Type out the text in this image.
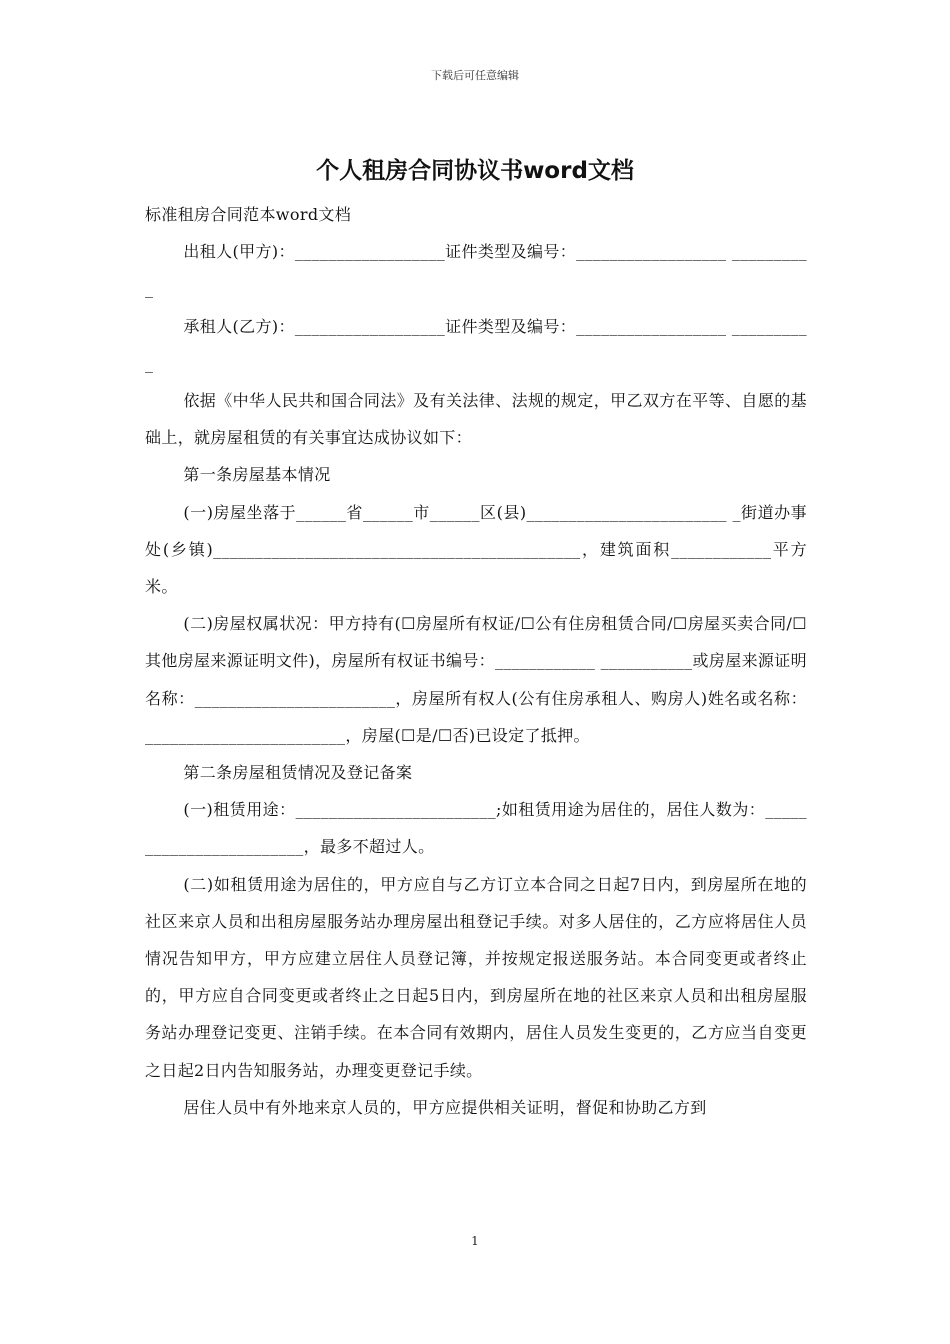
下载后可任意编辑
个人租房合同协议书word文档

标准租房合同范本word文档

出租人(甲方)：__________________证件类型及编号：__________________ __________

承租人(乙方)：__________________证件类型及编号：__________________ __________

依据《中华人民共和国合同法》及有关法律、法规的规定，甲乙双方在平等、自愿的基础上，就房屋租赁的有关事宜达成协议如下：

第一条房屋基本情况

(一)房屋坐落于______省______市______区(县)________________________ _街道办事处(乡镇)____________________________________________，建筑面积____________平方米。

(二)房屋权属状况：甲方持有(☐房屋所有权证/☐公有住房租赁合同/☐房屋买卖合同/☐其他房屋来源证明文件)，房屋所有权证书编号：____________ ___________或房屋来源证明名称：________________________，房屋所有权人(公有住房承租人、购房人)姓名或名称：________________________，房屋(☐是/☐否)已设定了抵押。

第二条房屋租赁情况及登记备案

(一)租赁用途：________________________;如租赁用途为居住的，居住人数为：________________________，最多不超过人。

(二)如租赁用途为居住的，甲方应自与乙方订立本合同之日起7日内，到房屋所在地的社区来京人员和出租房屋服务站办理房屋出租登记手续。对多人居住的，乙方应将居住人员情况告知甲方，甲方应建立居住人员登记簿，并按规定报送服务站。本合同变更或者终止的，甲方应自合同变更或者终止之日起5日内，到房屋所在地的社区来京人员和出租房屋服务站办理登记变更、注销手续。在本合同有效期内，居住人员发生变更的，乙方应当自变更之日起2日内告知服务站，办理变更登记手续。

居住人员中有外地来京人员的，甲方应提供相关证明，督促和协助乙方到

1
